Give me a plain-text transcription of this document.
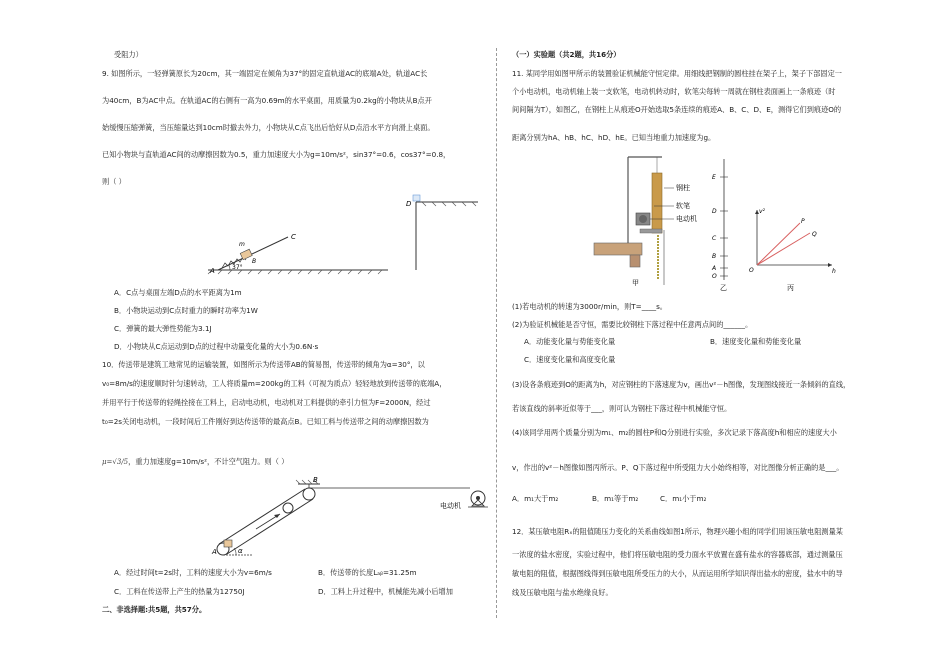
受阻力）
9. 如图所示，一轻弹簧原长为20cm，其一端固定在倾角为37°的固定直轨道AC的底端A处，轨道AC长
为40cm，B为AC中点。在轨道AC的右侧有一高为0.69m的水平桌面，用质量为0.2kg的小物块从B点开
始缓慢压缩弹簧，当压缩量达到10cm时撤去外力，小物块从C点飞出后恰好从D点沿水平方向滑上桌面。
已知小物块与直轨道AC间的动摩擦因数为0.5，重力加速度大小为g=10m/s²，sin37°=0.6，cos37°=0.8，
则（ ）
D
C
B
A
m
37°
A．C点与桌面左端D点的水平距离为1m
B．小物块运动到C点时重力的瞬时功率为1W
C．弹簧的最大弹性势能为3.1J
D．小物块从C点运动到D点的过程中动量变化量的大小为0.6N·s
10．传送带是建筑工地常见的运输装置，如图所示为传送带AB的简易图，传送带的倾角为α=30°，以
v₀=8m/s的速度顺时针匀速转动，工人将质量m=200kg的工料（可视为质点）轻轻地放到传送带的底端A，
并用平行于传送带的轻绳拴接在工料上，启动电动机，电动机对工料提供的牵引力恒为F=2000N，经过
t₀=2s关闭电动机，一段时间后工件刚好到达传送带的最高点B。已知工料与传送带之间的动摩擦因数为
μ=√3/5，重力加速度g=10m/s²，不计空气阻力。则（ ）
电动机
α
A
B
A．经过时间t=2s时，工料的速度大小为v=6m/s	B．传送带的长度Lₐᵦ=31.25m
C．工料在传送带上产生的热量为12750J	D．工料上升过程中，机械能先减小后增加
二、非选择题:共5题，共57分。
（一）实验题（共2题，共16分）
11. 某同学用如图甲所示的装置验证机械能守恒定律。用细线把钢制的圆柱挂在架子上，架子下部固定一
个小电动机，电动机轴上装一支软笔，电动机转动时，软笔尖每转一周就在钢柱表面画上一条痕迹（时
间间隔为T），如图乙，在钢柱上从痕迹O开始选取5条连续的痕迹A、B、C、D、E，测得它们到痕迹O的
距离分别为hA、hB、hC、hD、hE。已知当地重力加速度为g。
钢柱
软笔
电动机
甲
E
D
C
B
A
O
乙
v²
h
O
P
Q
丙
(1)若电动机的转速为3000r/min，则T=____s。
(2)为验证机械能是否守恒，需要比较钢柱下落过程中任意两点间的______。
A．动能变化量与势能变化量	B．速度变化量和势能变化量
C．速度变化量和高度变化量
(3)设各条痕迹到O的距离为h，对应钢柱的下落速度为v，画出v²－h图像，发现图线接近一条倾斜的直线，
若该直线的斜率近似等于___，则可认为钢柱下落过程中机械能守恒。
(4)该同学用两个质量分别为m₁、m₂的圆柱P和Q分别进行实验，多次记录下落高度h和相应的速度大小
v，作出的v²－h图像如图丙所示。P、Q下落过程中所受阻力大小始终相等，对比图像分析正确的是___。
A．m₁大于m₂	B．m₁等于m₂	C．m₁小于m₂
12．某压敏电阻Rₓ的阻值随压力变化的关系曲线如图1所示，物理兴趣小组的同学们用该压敏电阻测量某
一浓度的盐水密度，实验过程中，他们将压敏电阻的受力面水平放置在盛有盐水的容器底部，通过测量压
敏电阻的阻值，根据图线得到压敏电阻所受压力的大小，从而运用所学知识得出盐水的密度，盐水中的导
线及压敏电阻与盐水绝缘良好。
